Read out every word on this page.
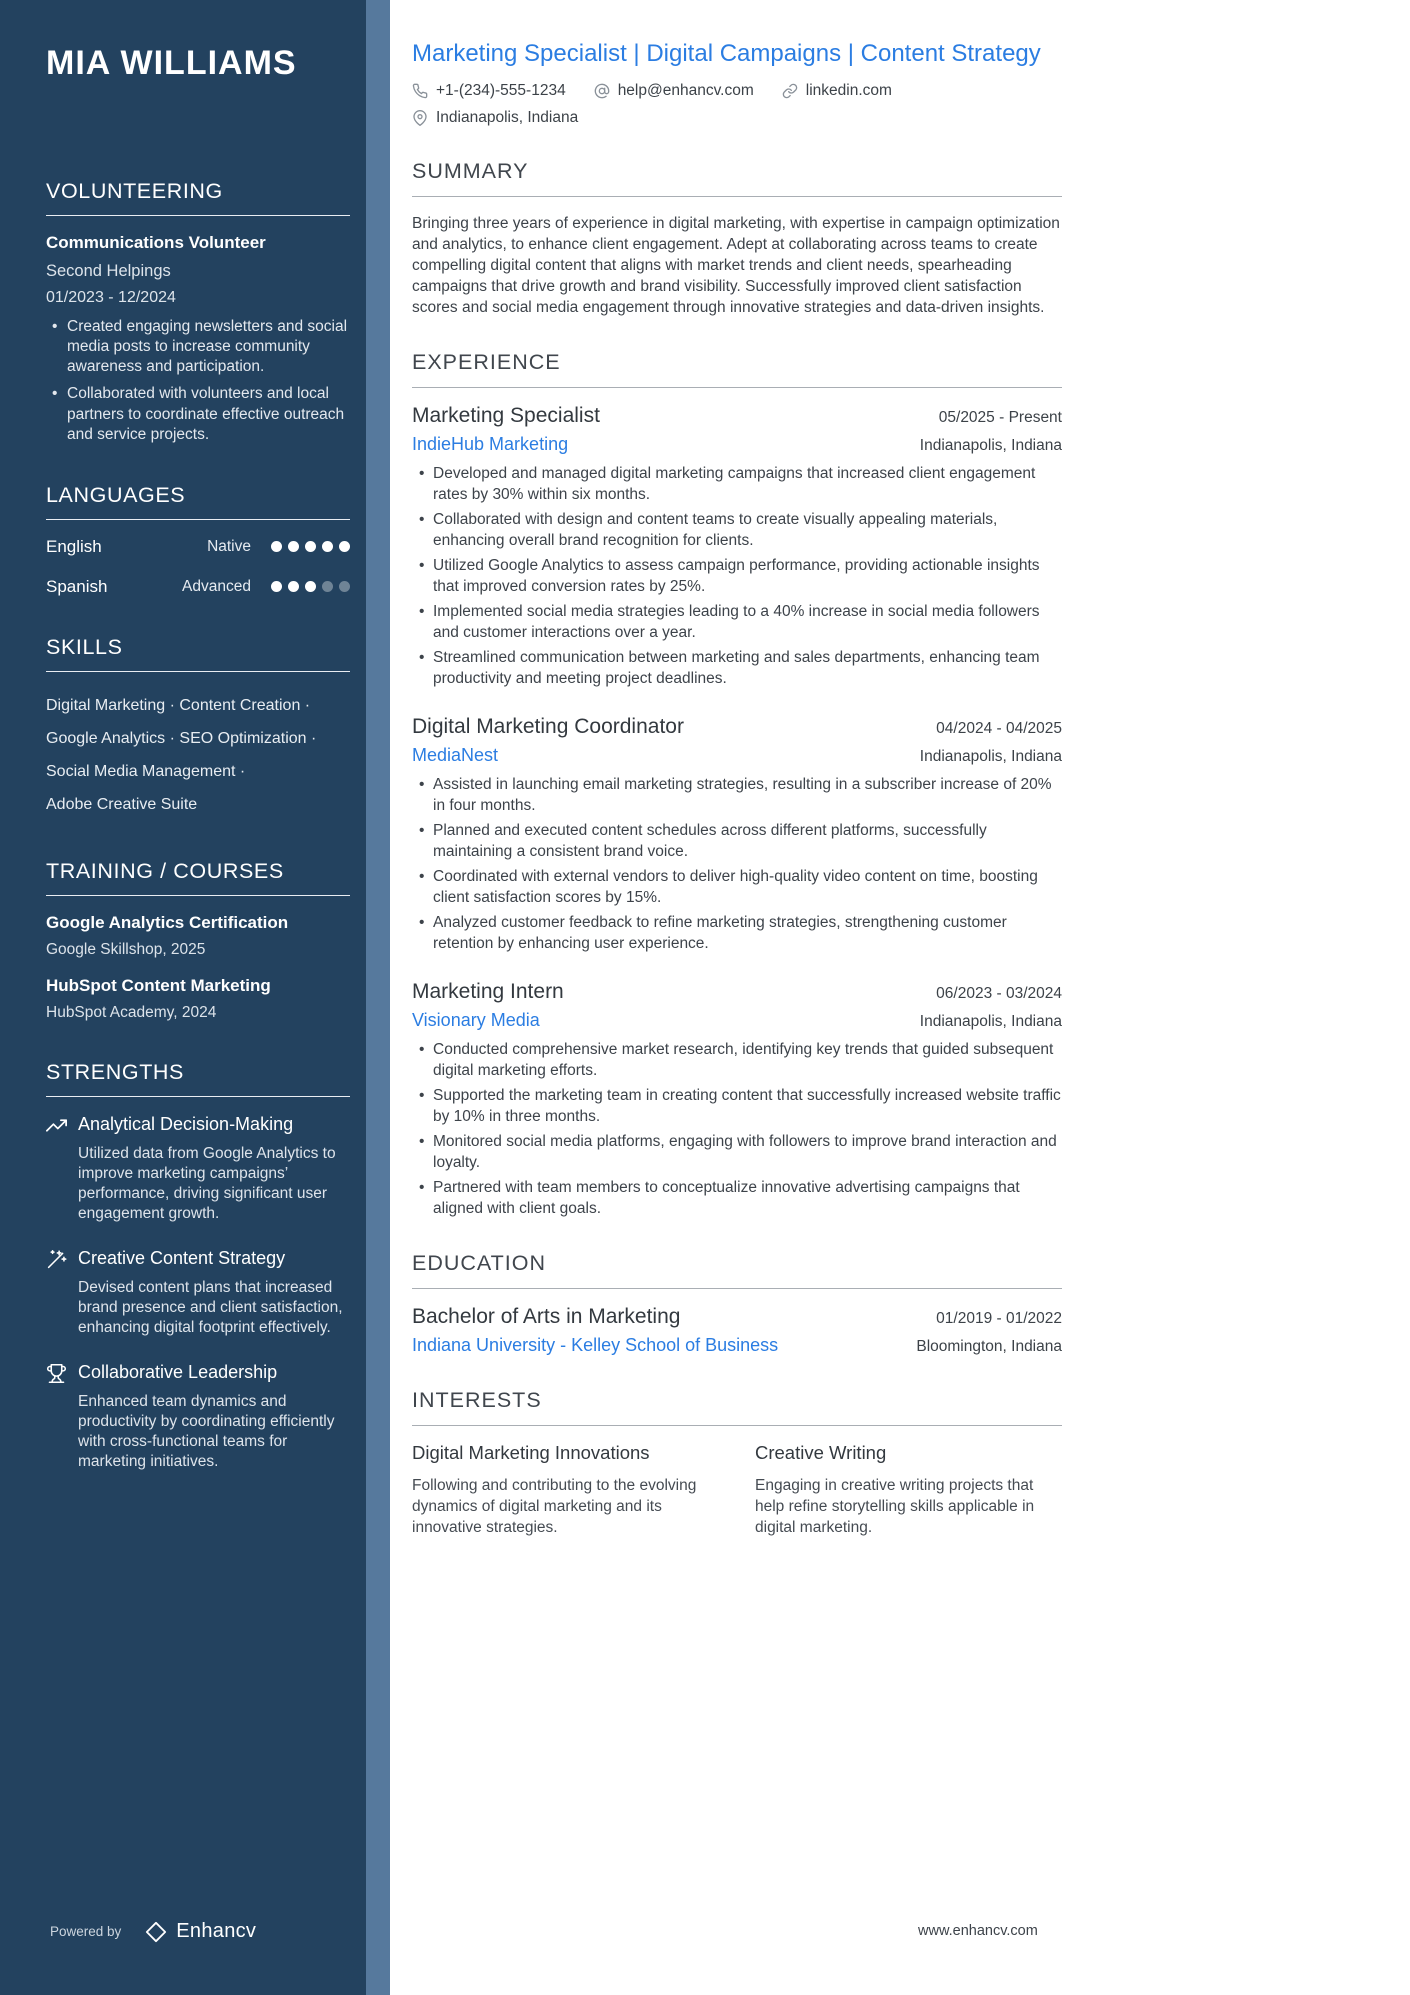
MIA WILLIAMS
VOLUNTEERING
Communications Volunteer
Second Helpings
01/2023 - 12/2024
• Created engaging newsletters and social media posts to increase community awareness and participation.
• Collaborated with volunteers and local partners to coordinate effective outreach and service projects.
LANGUAGES
English	Native
Spanish	Advanced
SKILLS
Digital Marketing · Content Creation ·
Google Analytics · SEO Optimization ·
Social Media Management ·
Adobe Creative Suite
TRAINING / COURSES
Google Analytics Certification
Google Skillshop, 2025
HubSpot Content Marketing
HubSpot Academy, 2024
STRENGTHS
Analytical Decision-Making
Utilized data from Google Analytics to improve marketing campaigns’ performance, driving significant user engagement growth.
Creative Content Strategy
Devised content plans that increased brand presence and client satisfaction, enhancing digital footprint effectively.
Collaborative Leadership
Enhanced team dynamics and productivity by coordinating efficiently with cross-functional teams for marketing initiatives.
Powered by	Enhancv
Marketing Specialist | Digital Campaigns | Content Strategy
+1-(234)-555-1234	help@enhancv.com	linkedin.com
Indianapolis, Indiana
SUMMARY

Bringing three years of experience in digital marketing, with expertise in campaign optimization and analytics, to enhance client engagement. Adept at collaborating across teams to create compelling digital content that aligns with market trends and client needs, spearheading campaigns that drive growth and brand visibility. Successfully improved client satisfaction scores and social media engagement through innovative strategies and data-driven insights.

EXPERIENCE
Marketing Specialist	05/2025 - Present
IndieHub Marketing	Indianapolis, Indiana
• Developed and managed digital marketing campaigns that increased client engagement rates by 30% within six months.
• Collaborated with design and content teams to create visually appealing materials, enhancing overall brand recognition for clients.
• Utilized Google Analytics to assess campaign performance, providing actionable insights that improved conversion rates by 25%.
• Implemented social media strategies leading to a 40% increase in social media followers and customer interactions over a year.
• Streamlined communication between marketing and sales departments, enhancing team productivity and meeting project deadlines.
Digital Marketing Coordinator	04/2024 - 04/2025
MediaNest	Indianapolis, Indiana
• Assisted in launching email marketing strategies, resulting in a subscriber increase of 20% in four months.
• Planned and executed content schedules across different platforms, successfully maintaining a consistent brand voice.
• Coordinated with external vendors to deliver high-quality video content on time, boosting client satisfaction scores by 15%.
• Analyzed customer feedback to refine marketing strategies, strengthening customer retention by enhancing user experience.
Marketing Intern	06/2023 - 03/2024
Visionary Media	Indianapolis, Indiana
• Conducted comprehensive market research, identifying key trends that guided subsequent digital marketing efforts.
• Supported the marketing team in creating content that successfully increased website traffic by 10% in three months.
• Monitored social media platforms, engaging with followers to improve brand interaction and loyalty.
• Partnered with team members to conceptualize innovative advertising campaigns that aligned with client goals.
EDUCATION
Bachelor of Arts in Marketing	01/2019 - 01/2022
Indiana University - Kelley School of Business	Bloomington, Indiana
INTERESTS
Digital Marketing Innovations
Following and contributing to the evolving dynamics of digital marketing and its innovative strategies.
Creative Writing
Engaging in creative writing projects that help refine storytelling skills applicable in digital marketing.
www.enhancv.com
